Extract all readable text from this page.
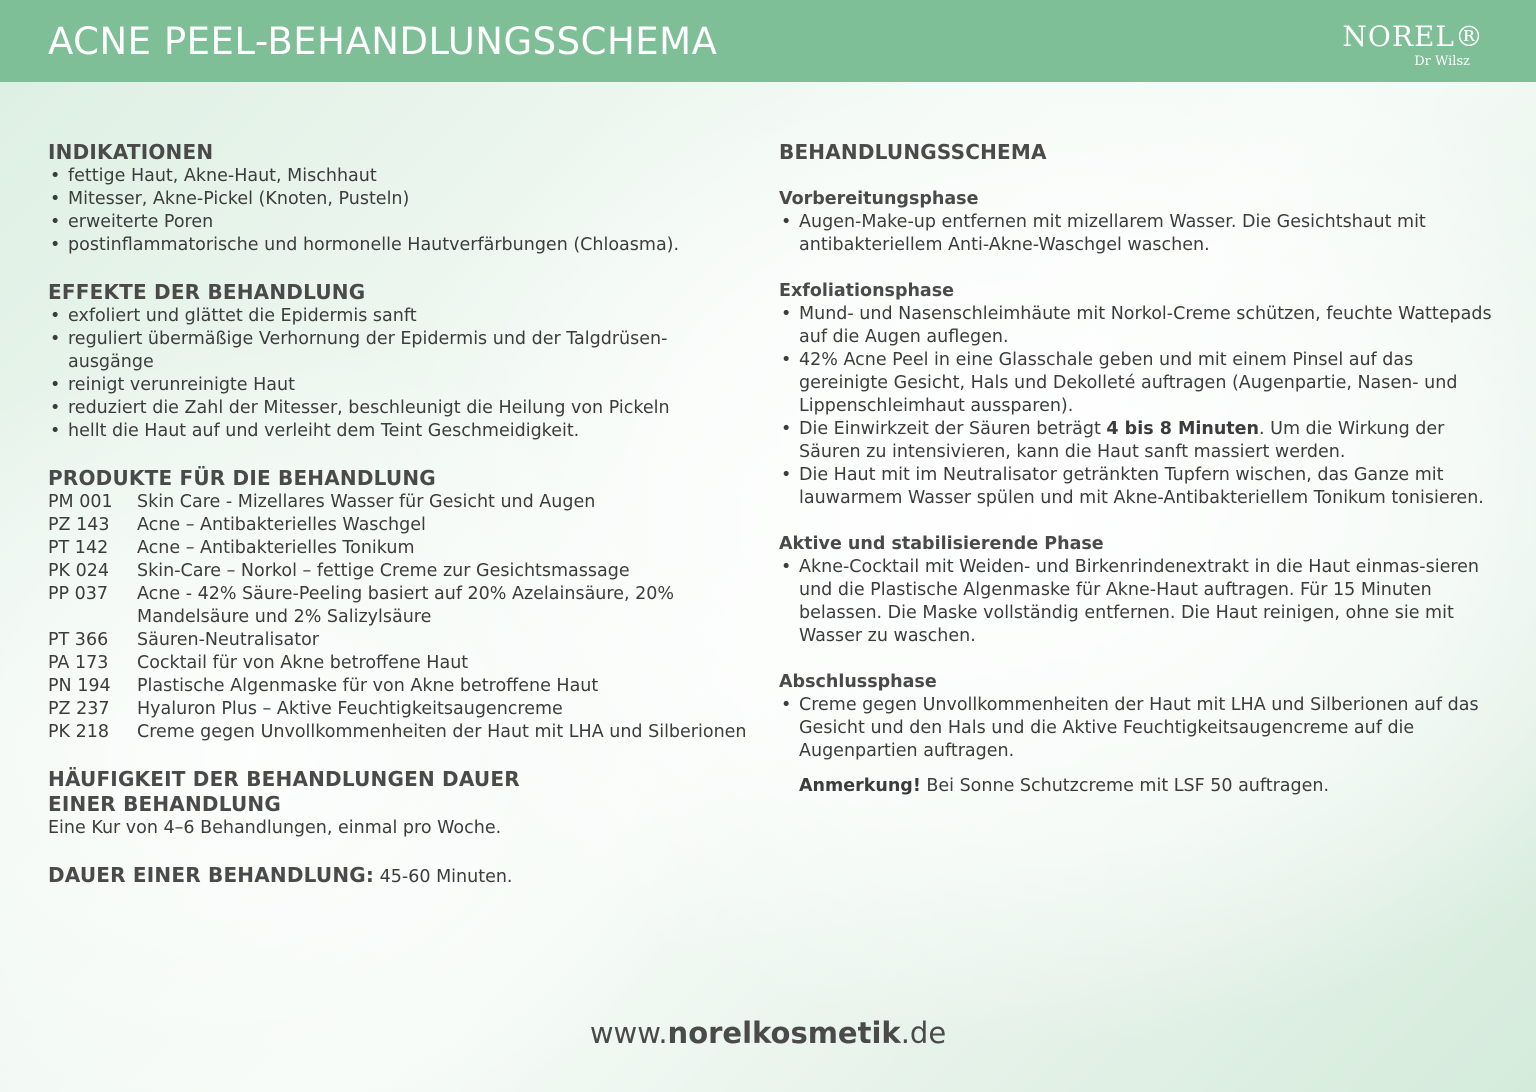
ACNE PEEL-BEHANDLUNGSSCHEMA	NOREL®
Dr Wilsz
INDIKATIONEN
• fettige Haut, Akne-Haut, Mischhaut
• Mitesser, Akne-Pickel (Knoten, Pusteln)
• erweiterte Poren
• postinflammatorische und hormonelle Hautverfärbungen (Chloasma).
EFFEKTE DER BEHANDLUNG
• exfoliert und glättet die Epidermis sanft
• reguliert übermäßige Verhornung der Epidermis und der Talgdrüsen-ausgänge
• reinigt verunreinigte Haut
• reduziert die Zahl der Mitesser, beschleunigt die Heilung von Pickeln
• hellt die Haut auf und verleiht dem Teint Geschmeidigkeit.
PRODUKTE FÜR DIE BEHANDLUNG
PM 001	Skin Care - Mizellares Wasser für Gesicht und Augen
PZ 143	Acne – Antibakterielles Waschgel
PT 142	Acne – Antibakterielles Tonikum
PK 024	Skin-Care – Norkol – fettige Creme zur Gesichtsmassage
PP 037	Acne - 42% Säure-Peeling basiert auf 20% Azelainsäure, 20% Mandelsäure und 2% Salizylsäure
PT 366	Säuren-Neutralisator
PA 173	Cocktail für von Akne betroffene Haut
PN 194	Plastische Algenmaske für von Akne betroffene Haut
PZ 237	Hyaluron Plus – Aktive Feuchtigkeitsaugencreme
PK 218	Creme gegen Unvollkommenheiten der Haut mit LHA und Silberionen
HÄUFIGKEIT DER BEHANDLUNGEN DAUER
EINER BEHANDLUNG
Eine Kur von 4–6 Behandlungen, einmal pro Woche.
DAUER EINER BEHANDLUNG: 45-60 Minuten.
BEHANDLUNGSSCHEMA
Vorbereitungsphase
• Augen-Make-up entfernen mit mizellarem Wasser. Die Gesichtshaut mit antibakteriellem Anti-Akne-Waschgel waschen.
Exfoliationsphase
• Mund- und Nasenschleimhäute mit Norkol-Creme schützen, feuchte Wattepads auf die Augen auflegen.
• 42% Acne Peel in eine Glasschale geben und mit einem Pinsel auf das gereinigte Gesicht, Hals und Dekolleté auftragen (Augenpartie, Nasen- und Lippenschleimhaut aussparen).
• Die Einwirkzeit der Säuren beträgt 4 bis 8 Minuten. Um die Wirkung der Säuren zu intensivieren, kann die Haut sanft massiert werden.
• Die Haut mit im Neutralisator getränkten Tupfern wischen, das Ganze mit lauwarmem Wasser spülen und mit Akne-Antibakteriellem Tonikum tonisieren.
Aktive und stabilisierende Phase
• Akne-Cocktail mit Weiden- und Birkenrindenextrakt in die Haut einmas-sieren und die Plastische Algenmaske für Akne-Haut auftragen. Für 15 Minuten belassen. Die Maske vollständig entfernen. Die Haut reinigen, ohne sie mit Wasser zu waschen.
Abschlussphase
• Creme gegen Unvollkommenheiten der Haut mit LHA und Silberionen auf das Gesicht und den Hals und die Aktive Feuchtigkeitsaugencreme auf die Augenpartien auftragen.
Anmerkung! Bei Sonne Schutzcreme mit LSF 50 auftragen.
www.norelkosmetik.de
